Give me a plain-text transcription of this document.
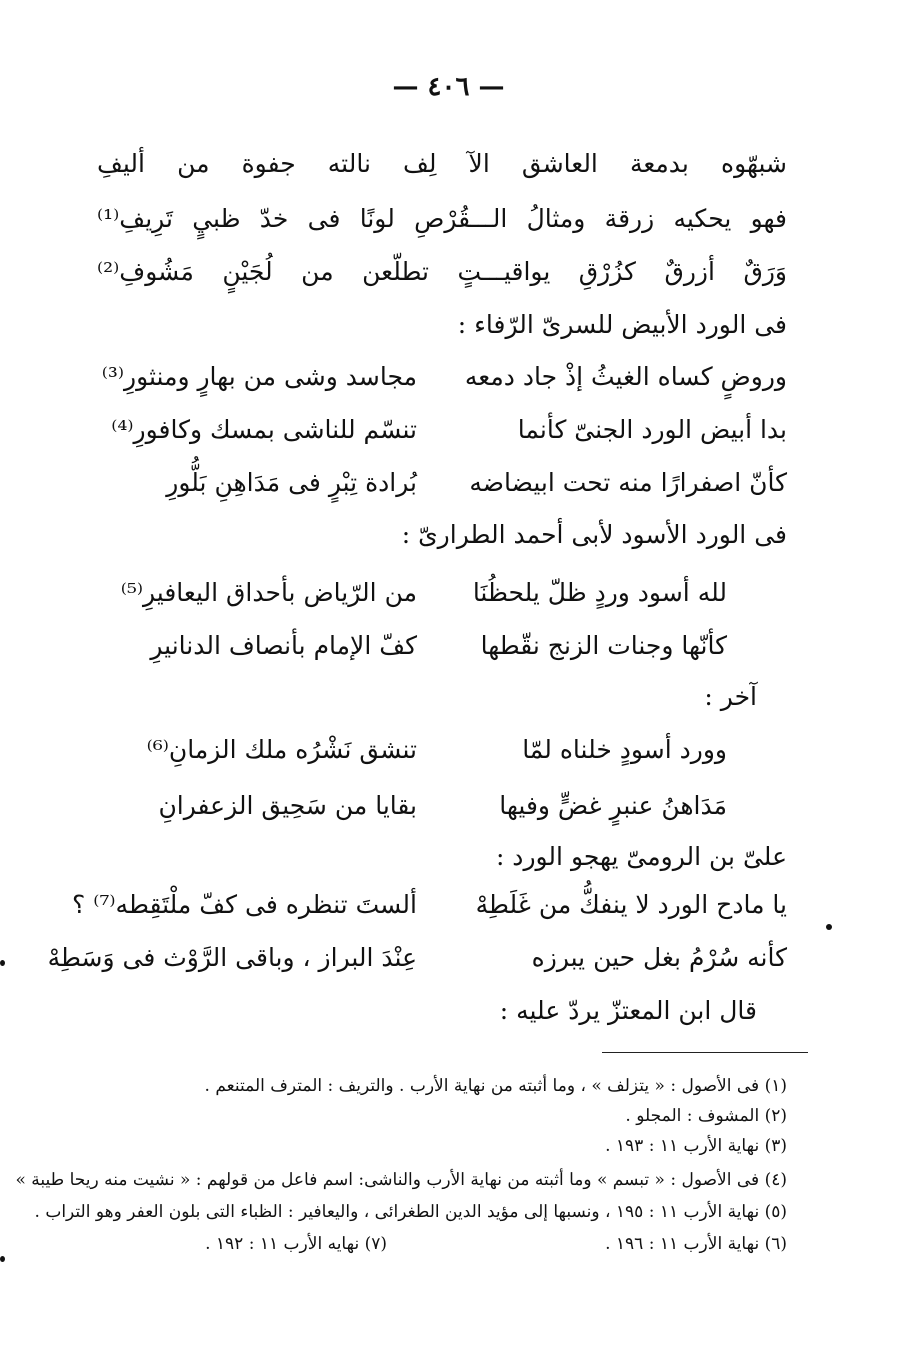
— ٤٠٦ —
شبهّوه بدمعة العاشق الآ لِف نالته جفوة من أليفِ
فهو يحكيه زرقة ومثالُ الـــقُرْصِ لونًا فى خدّ ظبيٍ تَرِيفِ⁽¹⁾
وَرَقٌ أزرقٌ كزُرْقِ يواقيـــتٍ تطلّعن من لُجَيْنٍ مَشُوفِ⁽²⁾
فى الورد الأبيض للسرىّ الرّفاء :
وروضٍ كساه الغيثُ إذْ جاد دمعه
مجاسد وشى من بهارٍ ومنثورِ⁽³⁾
بدا أبيض الورد الجنىّ كأنما
تنسّم للناشى بمسك وكافورِ⁽⁴⁾
كأنّ اصفرارًا منه تحت ابيضاضه
بُرادة تِبْرٍ فى مَدَاهِنِ بَلُّورِ
فى الورد الأسود لأبى أحمد الطرارىّ :
لله أسود وردٍ ظلّ يلحظُنَا
من الرّياض بأحداق اليعافيرِ⁽⁵⁾
كأنّها وجنات الزنج نقّطها
كفّ الإمام بأنصاف الدنانيرِ
آخر :
وورد أسودٍ خلناه لمّا
تنشق نَشْرُه ملك الزمانِ⁽⁶⁾
مَدَاهنُ عنبرٍ غضٍّ وفيها
بقايا من سَحِيق الزعفرانِ
علىّ بن الرومىّ يهجو الورد :
يا مادح الورد لا ينفكُّ من غَلَطِهْ
ألستَ تنظره فى كفّ ملْتَقِطه⁽⁷⁾ ؟
كأنه سُرْمُ بغل حين يبرزه
عِنْدَ البراز ، وباقى الرَّوْث فى وَسَطِهْ
قال ابن المعتزّ يردّ عليه :
(١) فى الأصول : « يتزلف » ، وما أثبته من نهاية الأرب . والتريف : المترف المتنعم .
(٢) المشوف : المجلو .
(٣) نهاية الأرب ١١ : ١٩٣ .
(٤) فى الأصول : « تبسم » وما أثبته من نهاية الأرب والناشى: اسم فاعل من قولهم : « نشيت منه ريحا طيبة »
(٥) نهاية الأرب ١١ : ١٩٥ ، ونسبها إلى مؤيد الدين الطغرائى ، واليعافير : الظباء التى بلون العفر وهو التراب .
(٦) نهاية الأرب ١١ : ١٩٦ .
(٧) نهايه الأرب ١١ : ١٩٢ .
